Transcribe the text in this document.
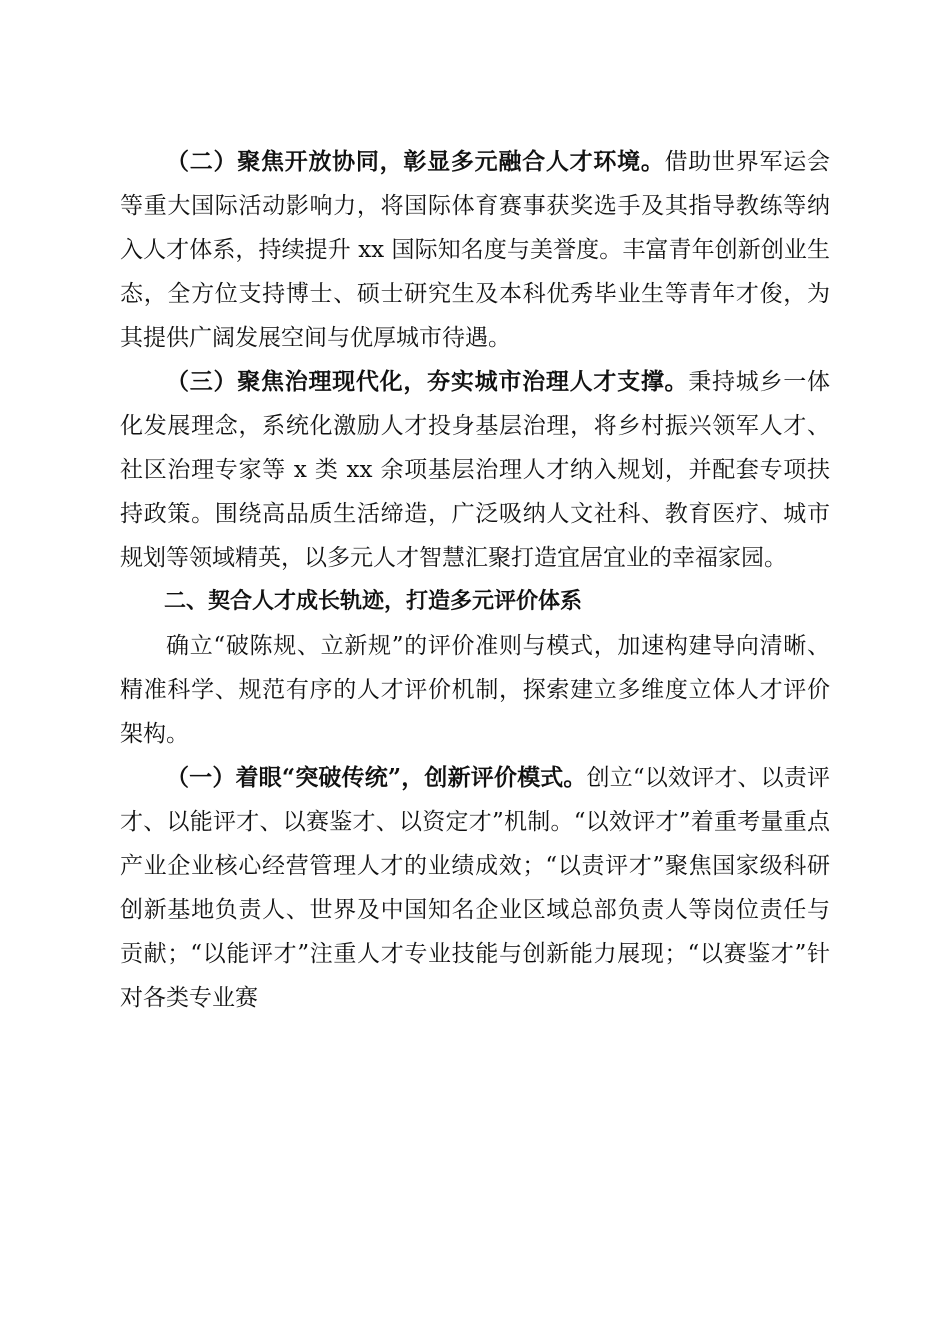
（二）聚焦开放协同，彰显多元融合人才环境。借助世界军运会等重大国际活动影响力，将国际体育赛事获奖选手及其指导教练等纳入人才体系，持续提升 xx 国际知名度与美誉度。丰富青年创新创业生态，全方位支持博士、硕士研究生及本科优秀毕业生等青年才俊，为其提供广阔发展空间与优厚城市待遇。

（三）聚焦治理现代化，夯实城市治理人才支撑。秉持城乡一体化发展理念，系统化激励人才投身基层治理，将乡村振兴领军人才、社区治理专家等 x 类 xx 余项基层治理人才纳入规划，并配套专项扶持政策。围绕高品质生活缔造，广泛吸纳人文社科、教育医疗、城市规划等领域精英，以多元人才智慧汇聚打造宜居宜业的幸福家园。

二、契合人才成长轨迹，打造多元评价体系

确立“破陈规、立新规”的评价准则与模式，加速构建导向清晰、精准科学、规范有序的人才评价机制，探索建立多维度立体人才评价架构。

（一）着眼“突破传统”，创新评价模式。创立“以效评才、以责评才、以能评才、以赛鉴才、以资定才”机制。“以效评才”着重考量重点产业企业核心经营管理人才的业绩成效；“以责评才”聚焦国家级科研创新基地负责人、世界及中国知名企业区域总部负责人等岗位责任与贡献；“以能评才”注重人才专业技能与创新能力展现；“以赛鉴才”针对各类专业赛
